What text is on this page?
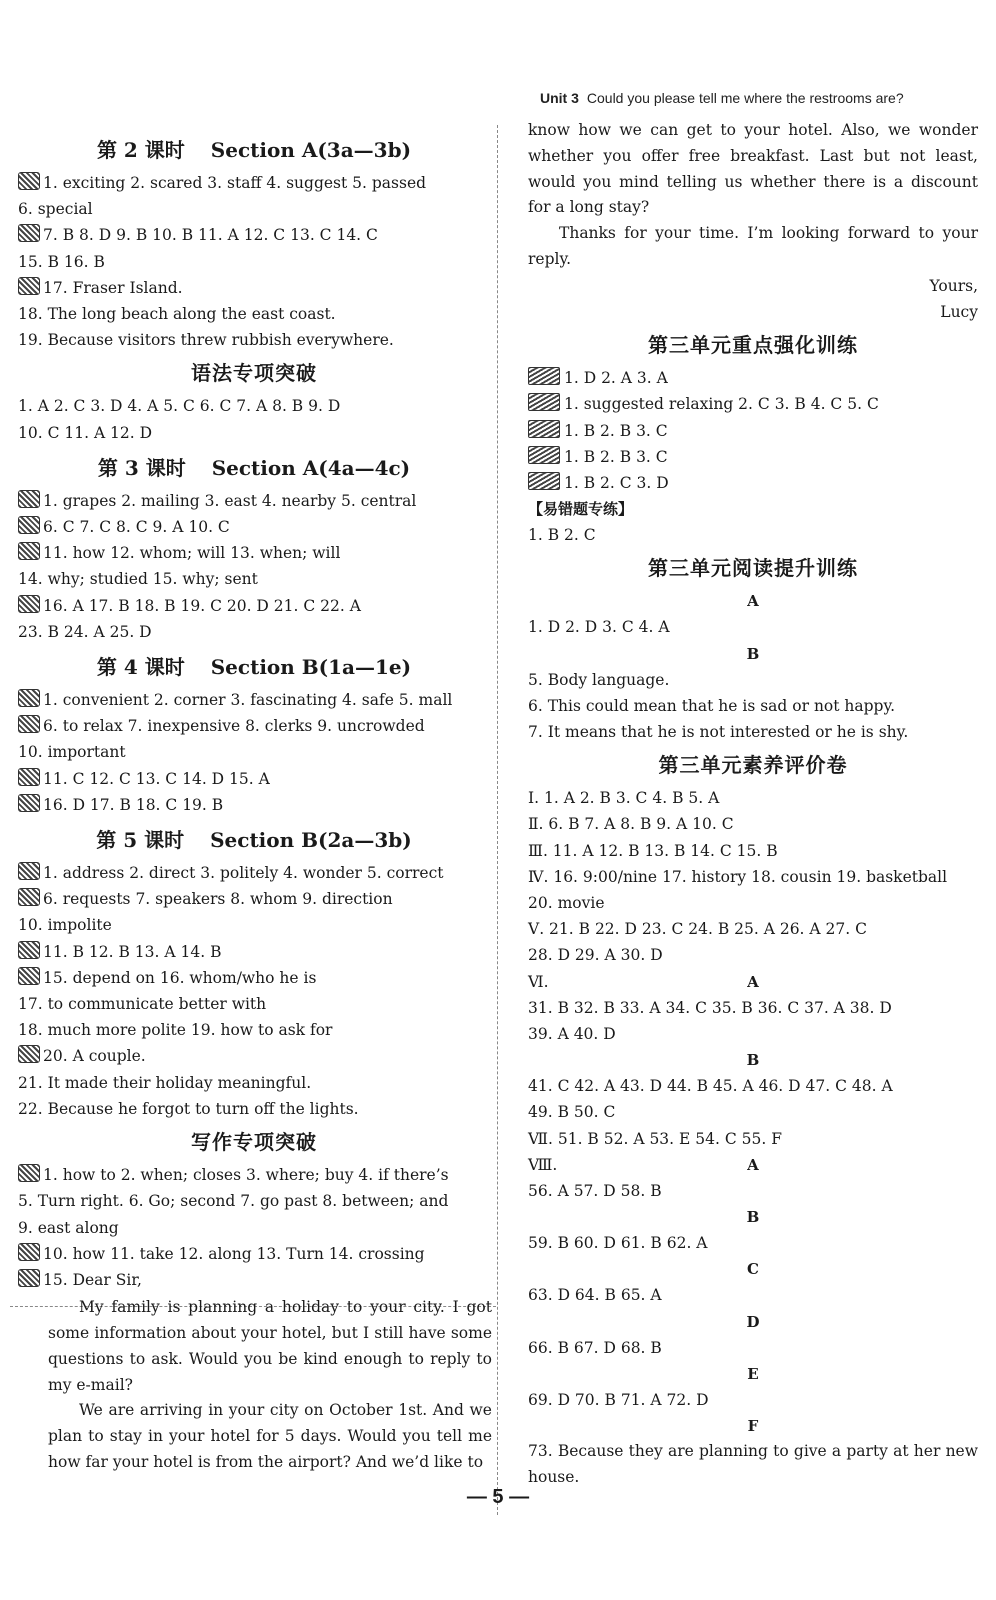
Unit 3 Could you please tell me where the restrooms are?
第 2 课时 Section A(3a—3b)
1. exciting 2. scared 3. staff 4. suggest 5. passed
6. special
7. B 8. D 9. B 10. B 11. A 12. C 13. C 14. C
15. B 16. B
17. Fraser Island.
18. The long beach along the east coast.
19. Because visitors threw rubbish everywhere.
语法专项突破
1. A 2. C 3. D 4. A 5. C 6. C 7. A 8. B 9. D
10. C 11. A 12. D
第 3 课时 Section A(4a—4c)
1. grapes 2. mailing 3. east 4. nearby 5. central
6. C 7. C 8. C 9. A 10. C
11. how 12. whom; will 13. when; will
14. why; studied 15. why; sent
16. A 17. B 18. B 19. C 20. D 21. C 22. A
23. B 24. A 25. D
第 4 课时 Section B(1a—1e)
1. convenient 2. corner 3. fascinating 4. safe 5. mall
6. to relax 7. inexpensive 8. clerks 9. uncrowded
10. important
11. C 12. C 13. C 14. D 15. A
16. D 17. B 18. C 19. B
第 5 课时 Section B(2a—3b)
1. address 2. direct 3. politely 4. wonder 5. correct
6. requests 7. speakers 8. whom 9. direction
10. impolite
11. B 12. B 13. A 14. B
15. depend on 16. whom/who he is
17. to communicate better with
18. much more polite 19. how to ask for
20. A couple.
21. It made their holiday meaningful.
22. Because he forgot to turn off the lights.
写作专项突破
1. how to 2. when; closes 3. where; buy 4. if there’s
5. Turn right. 6. Go; second 7. go past 8. between; and
9. east along
10. how 11. take 12. along 13. Turn 14. crossing
15. Dear Sir,
My family is planning a holiday to your city. I got some information about your hotel, but I still have some questions to ask. Would you be kind enough to reply to my e-mail?
We are arriving in your city on October 1st. And we plan to stay in your hotel for 5 days. Would you tell me how far your hotel is from the airport? And we’d like to
know how we can get to your hotel. Also, we wonder whether you offer free breakfast. Last but not least, would you mind telling us whether there is a discount for a long stay?
Thanks for your time. I’m looking forward to your reply.
Yours,
Lucy
第三单元重点强化训练
1. D 2. A 3. A
1. suggested relaxing 2. C 3. B 4. C 5. C
1. B 2. B 3. C
1. B 2. B 3. C
1. B 2. C 3. D
【易错题专练】
1. B 2. C
第三单元阅读提升训练
A
1. D 2. D 3. C 4. A
B
5. Body language.
6. This could mean that he is sad or not happy.
7. It means that he is not interested or he is shy.
第三单元素养评价卷
Ⅰ. 1. A 2. B 3. C 4. B 5. A
Ⅱ. 6. B 7. A 8. B 9. A 10. C
Ⅲ. 11. A 12. B 13. B 14. C 15. B
Ⅳ. 16. 9:00/nine 17. history 18. cousin 19. basketball
20. movie
Ⅴ. 21. B 22. D 23. C 24. B 25. A 26. A 27. C
28. D 29. A 30. D
Ⅵ.	A
31. B 32. B 33. A 34. C 35. B 36. C 37. A 38. D
39. A 40. D
B
41. C 42. A 43. D 44. B 45. A 46. D 47. C 48. A
49. B 50. C
Ⅶ. 51. B 52. A 53. E 54. C 55. F
Ⅷ.	A
56. A 57. D 58. B
B
59. B 60. D 61. B 62. A
C
63. D 64. B 65. A
D
66. B 67. D 68. B
E
69. D 70. B 71. A 72. D
F
73. Because they are planning to give a party at her new house.
— 5 —
